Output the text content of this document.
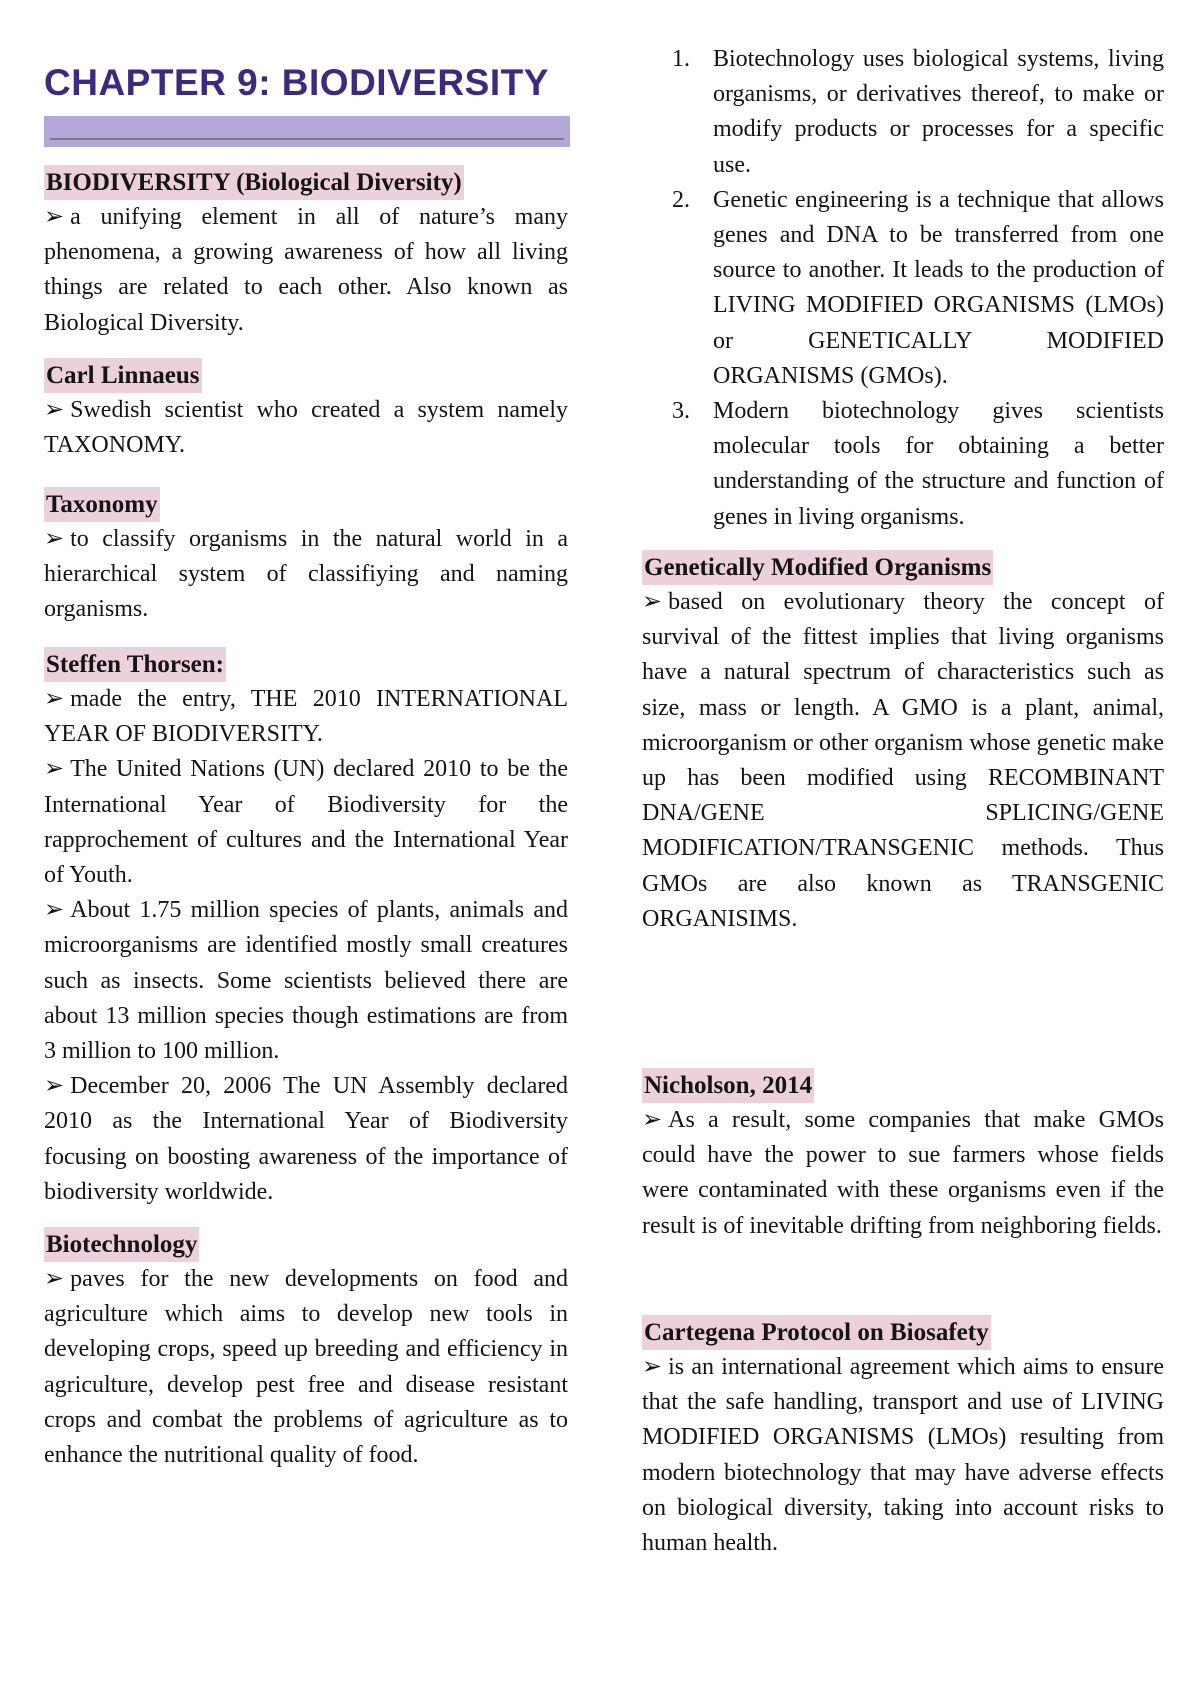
CHAPTER 9: BIODIVERSITY
BIODIVERSITY (Biological Diversity)

➢ a unifying element in all of nature’s many phenomena, a growing awareness of how all living things are related to each other. Also known as Biological Diversity.

Carl Linnaeus

➢ Swedish scientist who created a system namely TAXONOMY.

Taxonomy

➢ to classify organisms in the natural world in a hierarchical system of classifiying and naming organisms.

Steffen Thorsen:

➢ made the entry, THE 2010 INTERNATIONAL YEAR OF BIODIVERSITY.

➢ The United Nations (UN) declared 2010 to be the International Year of Biodiversity for the rapprochement of cultures and the International Year of Youth.

➢ About 1.75 million species of plants, animals and microorganisms are identified mostly small creatures such as insects. Some scientists believed there are about 13 million species though estimations are from 3 million to 100 million.

➢ December 20, 2006 The UN Assembly declared 2010 as the International Year of Biodiversity focusing on boosting awareness of the importance of biodiversity worldwide.

Biotechnology

➢ paves for the new developments on food and agriculture which aims to develop new tools in developing crops, speed up breeding and efficiency in agriculture, develop pest free and disease resistant crops and combat the problems of agriculture as to enhance the nutritional quality of food.

1. Biotechnology uses biological systems, living organisms, or derivatives thereof, to make or modify products or processes for a specific use.

2. Genetic engineering is a technique that allows genes and DNA to be transferred from one source to another. It leads to the production of LIVING MODIFIED ORGANISMS (LMOs) or GENETICALLY MODIFIED ORGANISMS (GMOs).

3. Modern biotechnology gives scientists molecular tools for obtaining a better understanding of the structure and function of genes in living organisms.

Genetically Modified Organisms

➢ based on evolutionary theory the concept of survival of the fittest implies that living organisms have a natural spectrum of characteristics such as size, mass or length. A GMO is a plant, animal, microorganism or other organism whose genetic make up has been modified using RECOMBINANT DNA/GENE SPLICING/GENE MODIFICATION/TRANSGENIC methods. Thus GMOs are also known as TRANSGENIC ORGANISIMS.

Nicholson, 2014

➢ As a result, some companies that make GMOs could have the power to sue farmers whose fields were contaminated with these organisms even if the result is of inevitable drifting from neighboring fields.

Cartegena Protocol on Biosafety

➢ is an international agreement which aims to ensure that the safe handling, transport and use of LIVING MODIFIED ORGANISMS (LMOs) resulting from modern biotechnology that may have adverse effects on biological diversity, taking into account risks to human health.
